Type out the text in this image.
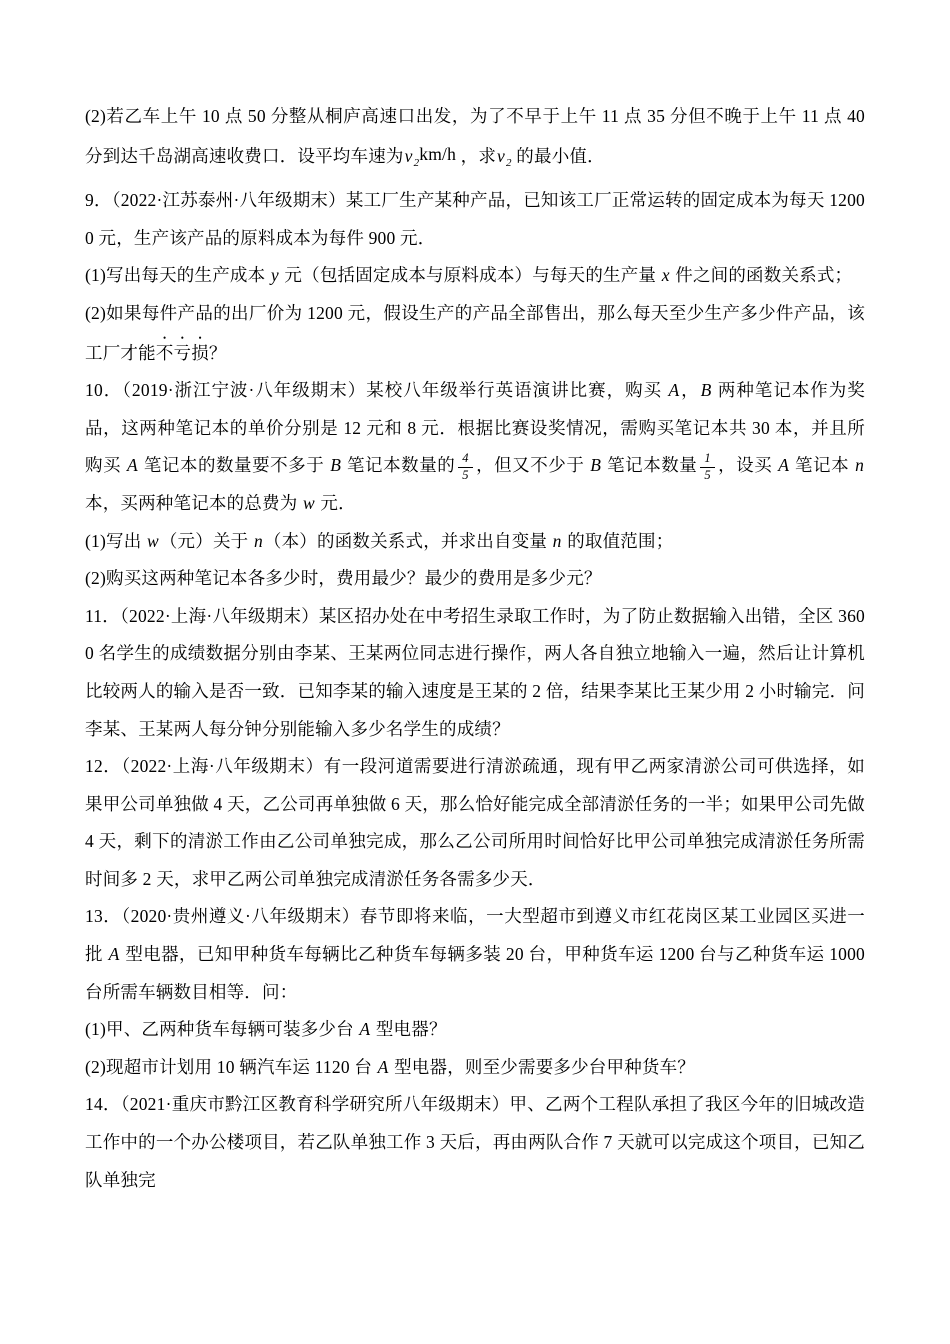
(2)若乙车上午 10 点 50 分整从桐庐高速口出发，为了不早于上午 11 点 35 分但不晚于上午 11 点 40 分到达千岛湖高速收费口．设平均车速为$v_2km/h$ ，求$v_2$ 的最小值．

9．（2022·江苏泰州·八年级期末）某工厂生产某种产品，已知该工厂正常运转的固定成本为每天 12000 元，生产该产品的原料成本为每件 900 元．

(1)写出每天的生产成本 y 元（包括固定成本与原料成本）与每天的生产量 x 件之间的函数关系式；

(2)如果每件产品的出厂价为 1200 元，假设生产的产品全部售出，那么每天至少生产多少件产品，该工厂才能不亏损？

10．（2019·浙江宁波·八年级期末）某校八年级举行英语演讲比赛，购买 A，B 两种笔记本作为奖品，这两种笔记本的单价分别是 12 元和 8 元．根据比赛设奖情况，需购买笔记本共 30 本，并且所购买 A 笔记本的数量要不多于 B 笔记本数量的 $\frac{4}{5}$ ，但又不少于 B 笔记本数量 $\frac{1}{5}$ ，设买 A 笔记本 n 本，买两种笔记本的总费为 w 元．

(1)写出 w（元）关于 n（本）的函数关系式，并求出自变量 n 的取值范围；

(2)购买这两种笔记本各多少时，费用最少？最少的费用是多少元？

11．（2022·上海·八年级期末）某区招办处在中考招生录取工作时，为了防止数据输入出错，全区 3600 名学生的成绩数据分别由李某、王某两位同志进行操作，两人各自独立地输入一遍，然后让计算机比较两人的输入是否一致．已知李某的输入速度是王某的 2 倍，结果李某比王某少用 2 小时输完．问李某、王某两人每分钟分别能输入多少名学生的成绩？

12．（2022·上海·八年级期末）有一段河道需要进行清淤疏通，现有甲乙两家清淤公司可供选择，如果甲公司单独做 4 天，乙公司再单独做 6 天，那么恰好能完成全部清淤任务的一半；如果甲公司先做 4 天，剩下的清淤工作由乙公司单独完成，那么乙公司所用时间恰好比甲公司单独完成清淤任务所需时间多 2 天，求甲乙两公司单独完成清淤任务各需多少天．

13．（2020·贵州遵义·八年级期末）春节即将来临，一大型超市到遵义市红花岗区某工业园区买进一批 A 型电器，已知甲种货车每辆比乙种货车每辆多装 20 台，甲种货车运 1200 台与乙种货车运 1000 台所需车辆数目相等．问：

(1)甲、乙两种货车每辆可装多少台 A 型电器？

(2)现超市计划用 10 辆汽车运 1120 台 A 型电器，则至少需要多少台甲种货车？

14．（2021·重庆市黔江区教育科学研究所八年级期末）甲、乙两个工程队承担了我区今年的旧城改造工作中的一个办公楼项目，若乙队单独工作 3 天后，再由两队合作 7 天就可以完成这个项目，已知乙队单独完
